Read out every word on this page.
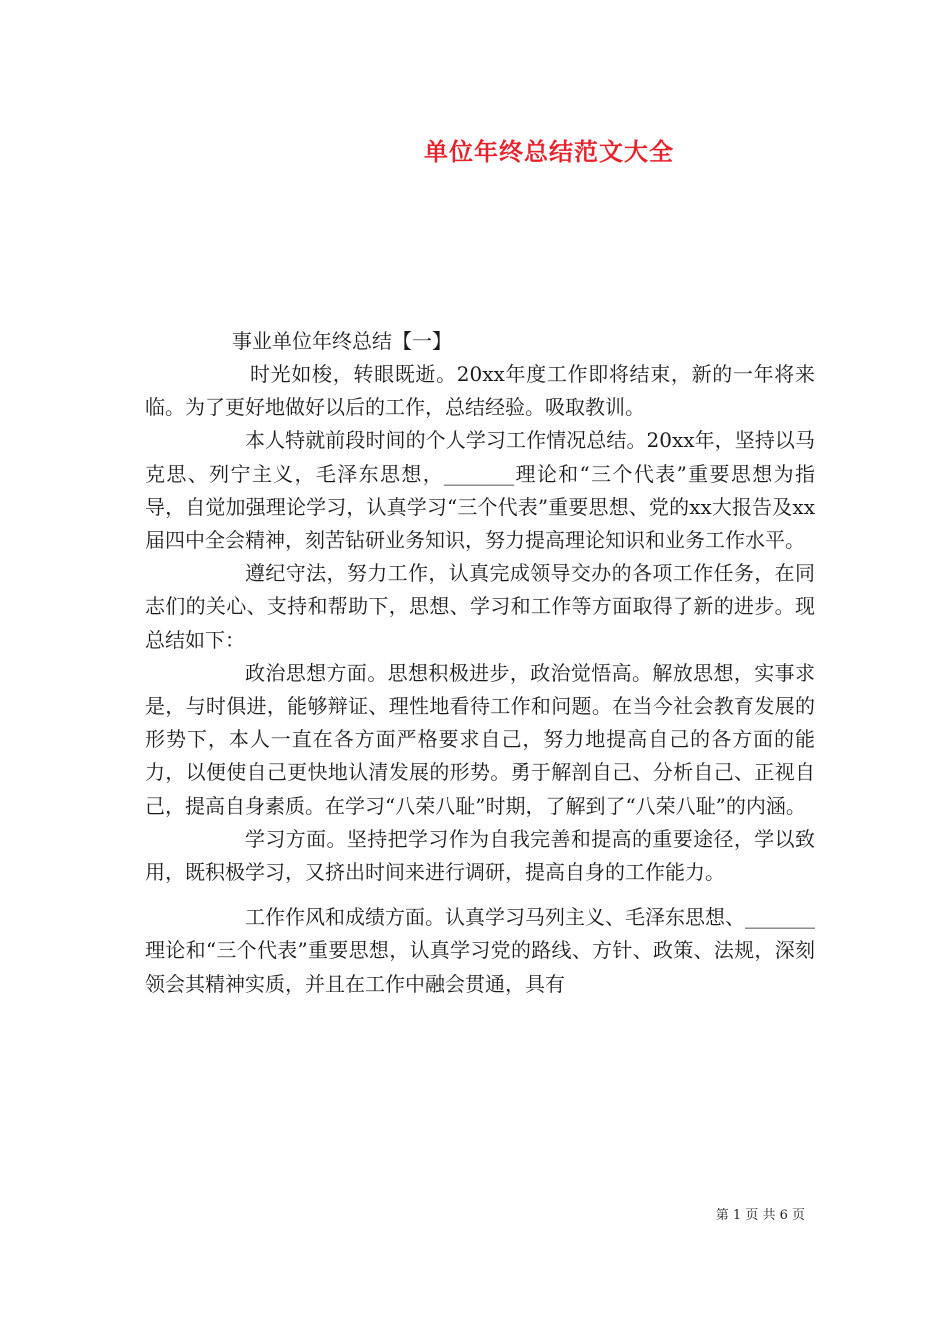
单位年终总结范文大全
事业单位年终总结【一】

时光如梭，转眼既逝。20xx年度工作即将结束，新的一年将来临。为了更好地做好以后的工作，总结经验。吸取教训。

本人特就前段时间的个人学习工作情况总结。20xx年，坚持以马克思、列宁主义，毛泽东思想，_______理论和“三个代表”重要思想为指导，自觉加强理论学习，认真学习“三个代表”重要思想、党的xx大报告及xx届四中全会精神，刻苦钻研业务知识，努力提高理论知识和业务工作水平。

遵纪守法，努力工作，认真完成领导交办的各项工作任务，在同志们的关心、支持和帮助下，思想、学习和工作等方面取得了新的进步。现总结如下：

政治思想方面。思想积极进步，政治觉悟高。解放思想，实事求是，与时俱进，能够辩证、理性地看待工作和问题。在当今社会教育发展的形势下，本人一直在各方面严格要求自己，努力地提高自己的各方面的能力，以便使自己更快地认清发展的形势。勇于解剖自己、分析自己、正视自己，提高自身素质。在学习“八荣八耻”时期，了解到了“八荣八耻”的内涵。

学习方面。坚持把学习作为自我完善和提高的重要途径，学以致用，既积极学习，又挤出时间来进行调研，提高自身的工作能力。

工作作风和成绩方面。认真学习马列主义、毛泽东思想、_______理论和“三个代表”重要思想，认真学习党的路线、方针、政策、法规，深刻领会其精神实质，并且在工作中融会贯通，具有

第 1 页 共 6 页
